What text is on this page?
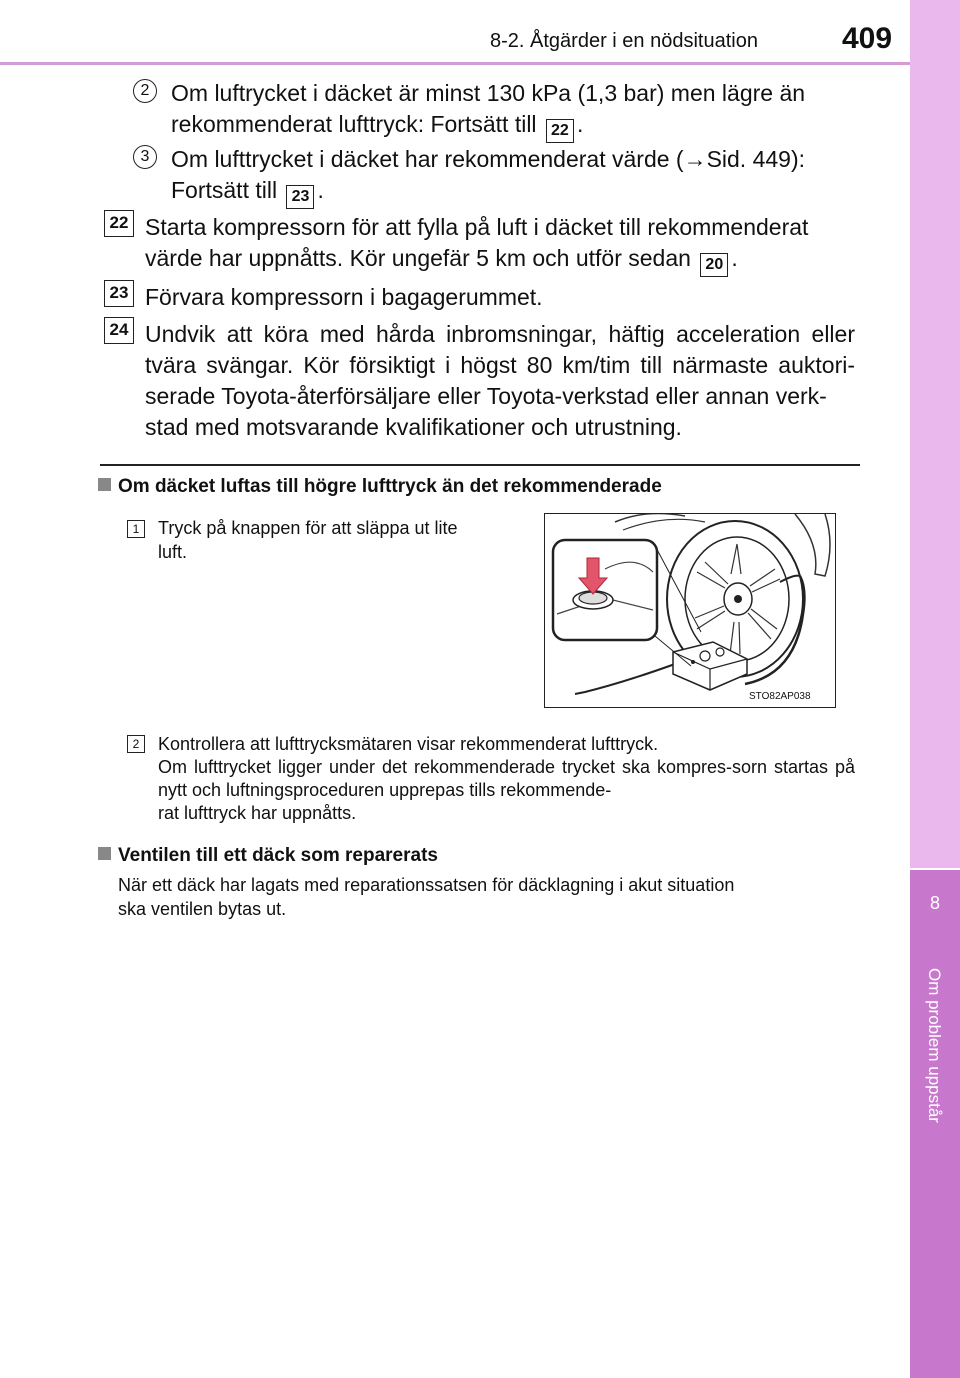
8-2. Åtgärder i en nödsituation	409
8
Om problem uppstår
2 Om luftrycket i däcket är minst 130 kPa (1,3 bar) men lägre än
rekommenderat lufttryck: Fortsätt till 22 .
3 Om lufttrycket i däcket har rekommenderat värde (→Sid. 449):
Fortsätt till 23 .
22 Starta kompressorn för att fylla på luft i däcket till rekommenderat
värde har uppnåtts. Kör ungefär 5 km och utför sedan 20 .
23 Förvara kompressorn i bagagerummet.
24 Undvik att köra med hårda inbromsningar, häftig acceleration eller tvära svängar. Kör försiktigt i högst 80 km/tim till närmaste auktori-serade Toyota-återförsäljare eller Toyota-verkstad eller annan verk-
stad med motsvarande kvalifikationer och utrustning.
Om däcket luftas till högre lufttryck än det rekommenderade
1	Tryck på knappen för att släppa ut lite
luft.
STO82AP038
2	Kontrollera att lufttrycksmätaren visar rekommenderat lufttryck.
Om lufttrycket ligger under det rekommenderade trycket ska kompres-sorn startas på nytt och luftningsproceduren upprepas tills rekommende-
rat lufttryck har uppnåtts.
Ventilen till ett däck som reparerats
När ett däck har lagats med reparationssatsen för däcklagning i akut situation
ska ventilen bytas ut.
